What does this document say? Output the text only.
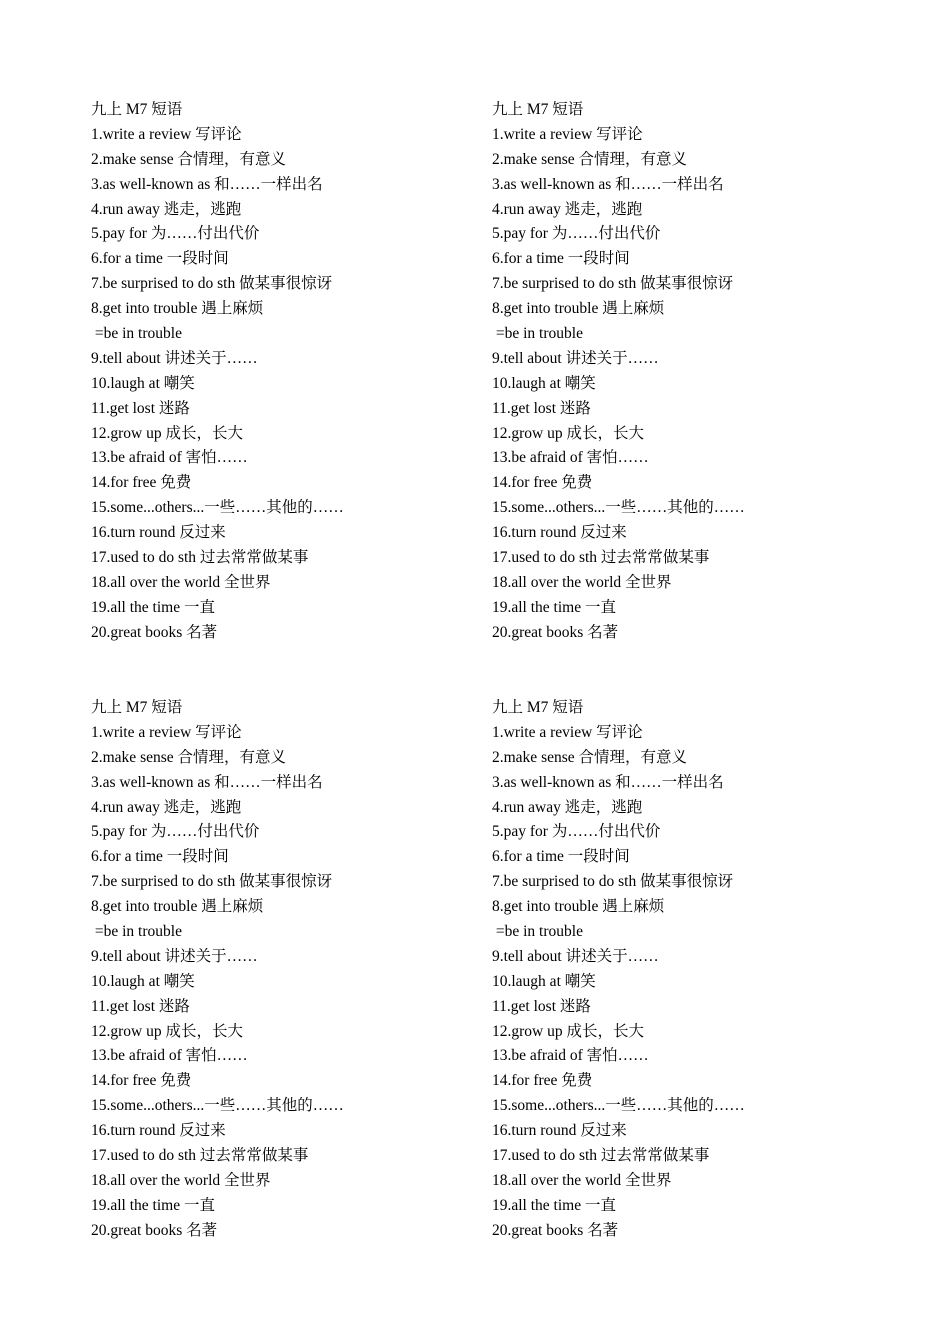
九上 M7 短语
1.write a review 写评论
2.make sense 合情理，有意义
3.as well-known as 和……一样出名
4.run away 逃走，逃跑
5.pay for 为……付出代价
6.for a time 一段时间
7.be surprised to do sth 做某事很惊讶
8.get into trouble 遇上麻烦
=be in trouble
9.tell about 讲述关于……
10.laugh at 嘲笑
11.get lost 迷路
12.grow up 成长，长大
13.be afraid of 害怕……
14.for free 免费
15.some...others...一些……其他的……
16.turn round 反过来
17.used to do sth 过去常常做某事
18.all over the world 全世界
19.all the time 一直
20.great books 名著
九上 M7 短语
1.write a review 写评论
2.make sense 合情理，有意义
3.as well-known as 和……一样出名
4.run away 逃走，逃跑
5.pay for 为……付出代价
6.for a time 一段时间
7.be surprised to do sth 做某事很惊讶
8.get into trouble 遇上麻烦
=be in trouble
9.tell about 讲述关于……
10.laugh at 嘲笑
11.get lost 迷路
12.grow up 成长，长大
13.be afraid of 害怕……
14.for free 免费
15.some...others...一些……其他的……
16.turn round 反过来
17.used to do sth 过去常常做某事
18.all over the world 全世界
19.all the time 一直
20.great books 名著
九上 M7 短语
1.write a review 写评论
2.make sense 合情理，有意义
3.as well-known as 和……一样出名
4.run away 逃走，逃跑
5.pay for 为……付出代价
6.for a time 一段时间
7.be surprised to do sth 做某事很惊讶
8.get into trouble 遇上麻烦
=be in trouble
9.tell about 讲述关于……
10.laugh at 嘲笑
11.get lost 迷路
12.grow up 成长，长大
13.be afraid of 害怕……
14.for free 免费
15.some...others...一些……其他的……
16.turn round 反过来
17.used to do sth 过去常常做某事
18.all over the world 全世界
19.all the time 一直
20.great books 名著
九上 M7 短语
1.write a review 写评论
2.make sense 合情理，有意义
3.as well-known as 和……一样出名
4.run away 逃走，逃跑
5.pay for 为……付出代价
6.for a time 一段时间
7.be surprised to do sth 做某事很惊讶
8.get into trouble 遇上麻烦
=be in trouble
9.tell about 讲述关于……
10.laugh at 嘲笑
11.get lost 迷路
12.grow up 成长，长大
13.be afraid of 害怕……
14.for free 免费
15.some...others...一些……其他的……
16.turn round 反过来
17.used to do sth 过去常常做某事
18.all over the world 全世界
19.all the time 一直
20.great books 名著
